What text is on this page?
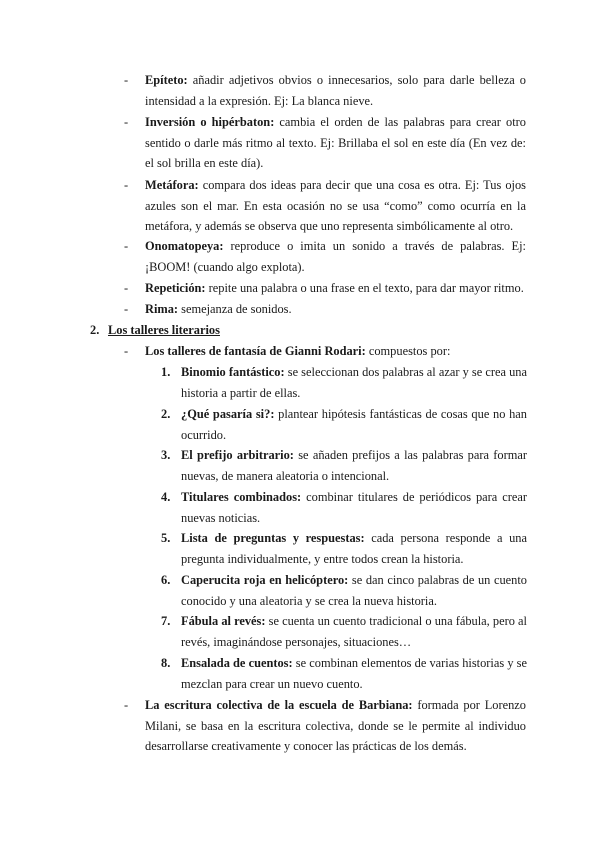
- Epíteto: añadir adjetivos obvios o innecesarios, solo para darle belleza o intensidad a la expresión. Ej: La blanca nieve.
- Inversión o hipérbaton: cambia el orden de las palabras para crear otro sentido o darle más ritmo al texto. Ej: Brillaba el sol en este día (En vez de: el sol brilla en este día).
- Metáfora: compara dos ideas para decir que una cosa es otra. Ej: Tus ojos azules son el mar. En esta ocasión no se usa “como” como ocurría en la metáfora, y además se observa que uno representa simbólicamente al otro.
- Onomatopeya: reproduce o imita un sonido a través de palabras. Ej: ¡BOOM! (cuando algo explota).
- Repetición: repite una palabra o una frase en el texto, para dar mayor ritmo.
- Rima: semejanza de sonidos.
2. Los talleres literarios
- Los talleres de fantasía de Gianni Rodari: compuestos por:
1. Binomio fantástico: se seleccionan dos palabras al azar y se crea una historia a partir de ellas.
2. ¿Qué pasaría si?: plantear hipótesis fantásticas de cosas que no han ocurrido.
3. El prefijo arbitrario: se añaden prefijos a las palabras para formar nuevas, de manera aleatoria o intencional.
4. Titulares combinados: combinar titulares de periódicos para crear nuevas noticias.
5. Lista de preguntas y respuestas: cada persona responde a una pregunta individualmente, y entre todos crean la historia.
6. Caperucita roja en helicóptero: se dan cinco palabras de un cuento conocido y una aleatoria y se crea la nueva historia.
7. Fábula al revés: se cuenta un cuento tradicional o una fábula, pero al revés, imaginándose personajes, situaciones…
8. Ensalada de cuentos: se combinan elementos de varias historias y se mezclan para crear un nuevo cuento.
- La escritura colectiva de la escuela de Barbiana: formada por Lorenzo Milani, se basa en la escritura colectiva, donde se le permite al individuo desarrollarse creativamente y conocer las prácticas de los demás.
